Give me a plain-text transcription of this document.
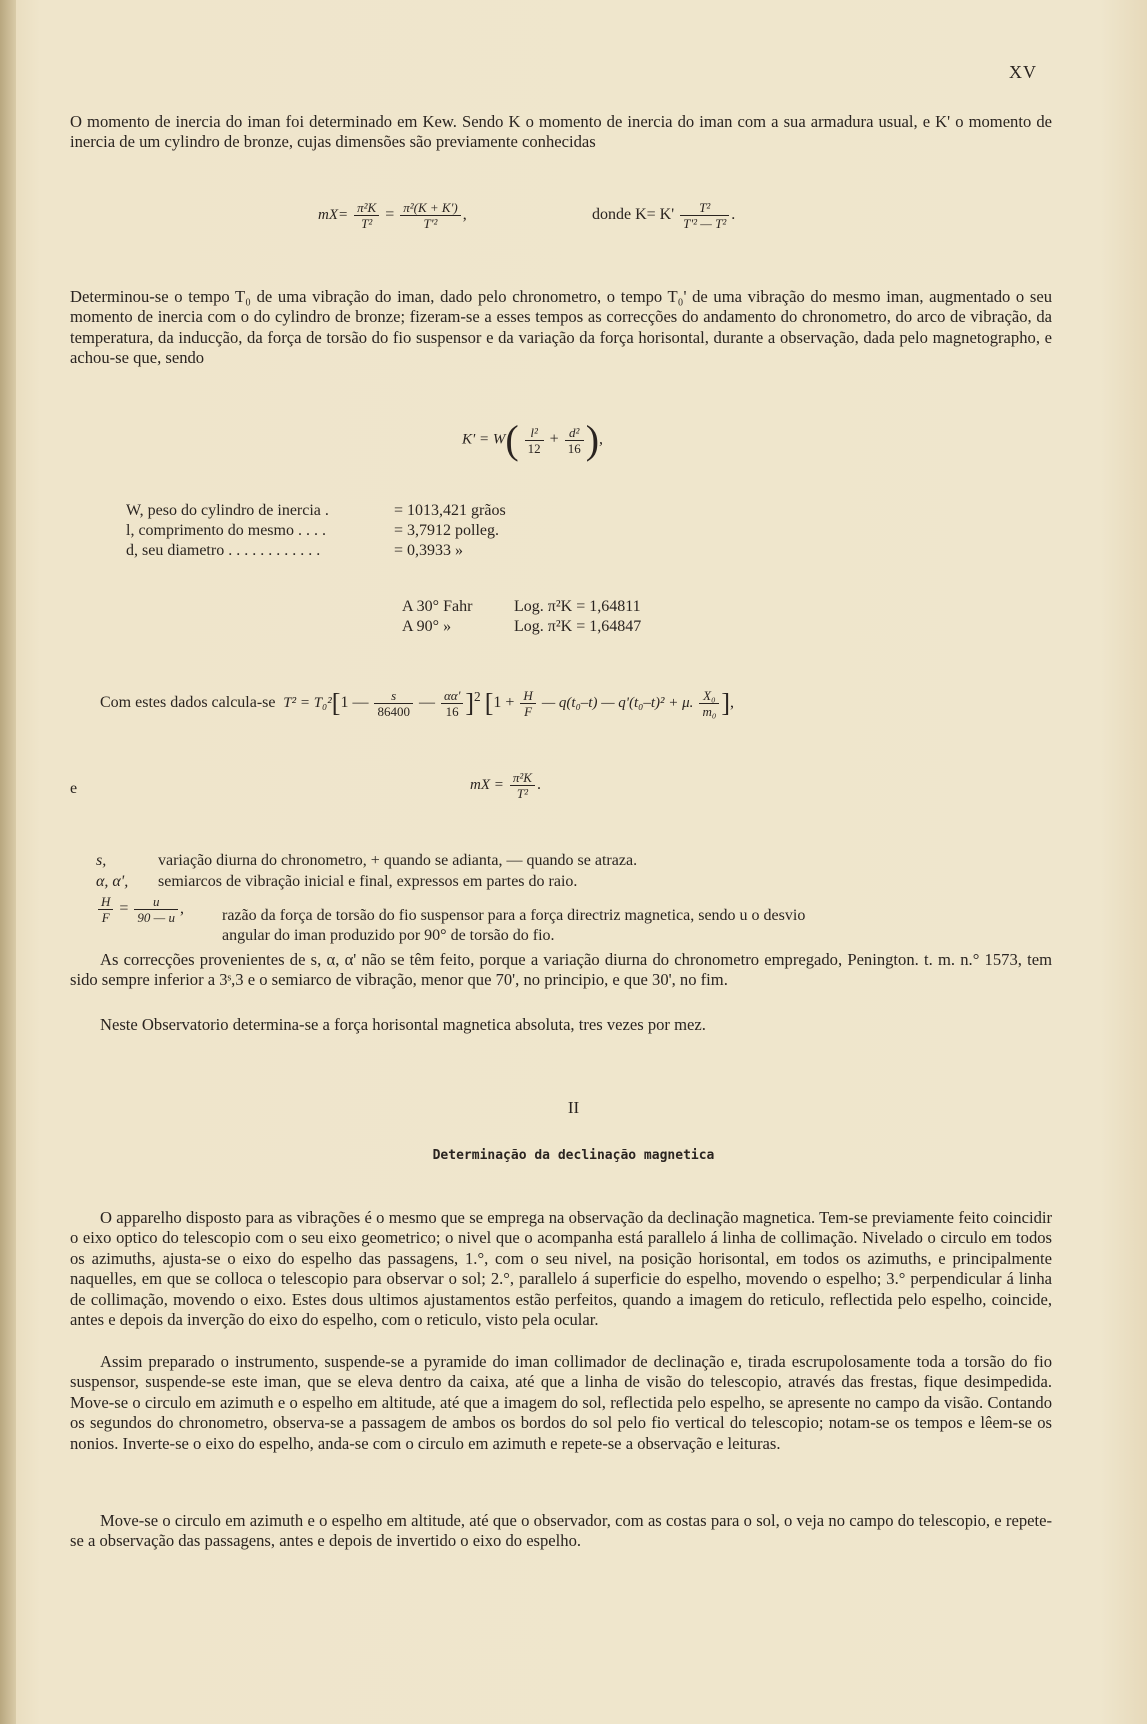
XV

O momento de inercia do iman foi determinado em Kew. Sendo K o momento de inercia do iman com a sua armadura usual, e K' o momento de inercia de um cylindro de bronze, cujas dimensões são previamente conhecidas

$mX= \frac{\text{π²K}}{\text{T²}} = \frac{\text{π²(K + K')}}{\text{T'²}}$ ,	donde $K= K' \frac{\text{T²}}{\text{T'² — T²}}$ .

Determinou-se o tempo T₀ de uma vibração do iman, dado pelo chronometro, o tempo T₀' de uma vibração do mesmo iman, augmentado o seu momento de inercia com o do cylindro de bronze; fizeram-se a esses tempos as correcções do andamento do chronometro, do arco de vibração, da temperatura, da inducção, da força de torsão do fio suspensor e da variação da força horisontal, durante a observação, dada pelo magnetographo, e achou-se que, sendo

$K' = W( \frac{\text{l²}}{12} + \frac{\text{d²}}{16}$ ),
W, peso do cylindro de inercia .	= 1013,421 grãos
l, comprimento do mesmo . . . .	= 3,7912 polleg.
d, seu diametro . . . . . . . . . . . .	= 0,3933 »
A 30° Fahr	Log. π²K = 1,64811
A 90° »	Log. π²K = 1,64847
Com estes dados calcula-se  T² = T₀²[1 — $\frac{s}{86400}$ — $\frac{\alpha\alpha'}{16} ]^2$ [$1 + \frac{H}{F}$ — q(t₀–t) — q'(t₀–t)² + μ. $\frac{\text{X₀}}{\text{m₀}}$ ],
e	mX = $\frac{\text{π²K}}{\text{T²}}$ .
s,	variação diurna do chronometro, + quando se adianta, — quando se atraza.
α, α', semiarcos de vibração inicial e final, expressos em partes do raio.
$\frac{H}{F} = \frac{u}{90 — u}$ , razão da força de torsão do fio suspensor para a força directriz magnetica, sendo u o desvio
angular do iman produzido por 90° de torsão do fio.

As correcções provenientes de s, α, α' não se têm feito, porque a variação diurna do chronometro empregado, Penington. t. m. n.° 1573, tem sido sempre inferior a 3ˢ,3 e o semiarco de vibração, menor que 70', no principio, e que 30', no fim.

Neste Observatorio determina-se a força horisontal magnetica absoluta, tres vezes por mez.

II
Determinação da declinação magnetica

O apparelho disposto para as vibrações é o mesmo que se emprega na observação da declinação magnetica. Tem-se previamente feito coincidir o eixo optico do telescopio com o seu eixo geometrico; o nivel que o acompanha está parallelo á linha de collimação. Nivelado o circulo em todos os azimuths, ajusta-se o eixo do espelho das passagens, 1.°, com o seu nivel, na posição horisontal, em todos os azimuths, e principalmente naquelles, em que se colloca o telescopio para observar o sol; 2.°, parallelo á superficie do espelho, movendo o espelho; 3.° perpendicular á linha de collimação, movendo o eixo. Estes dous ultimos ajustamentos estão perfeitos, quando a imagem do reticulo, reflectida pelo espelho, coincide, antes e depois da inverção do eixo do espelho, com o reticulo, visto pela ocular.

Assim preparado o instrumento, suspende-se a pyramide do iman collimador de declinação e, tirada escrupolosamente toda a torsão do fio suspensor, suspende-se este iman, que se eleva dentro da caixa, até que a linha de visão do telescopio, através das frestas, fique desimpedida. Move-se o circulo em azimuth e o espelho em altitude, até que a imagem do sol, reflectida pelo espelho, se apresente no campo da visão. Contando os segundos do chronometro, observa-se a passagem de ambos os bordos do sol pelo fio vertical do telescopio; notam-se os tempos e lêem-se os nonios. Inverte-se o eixo do espelho, anda-se com o circulo em azimuth e repete-se a observação e leituras.

Move-se o circulo em azimuth e o espelho em altitude, até que o observador, com as costas para o sol, o veja no campo do telescopio, e repete-se a observação das passagens, antes e depois de invertido o eixo do espelho.
